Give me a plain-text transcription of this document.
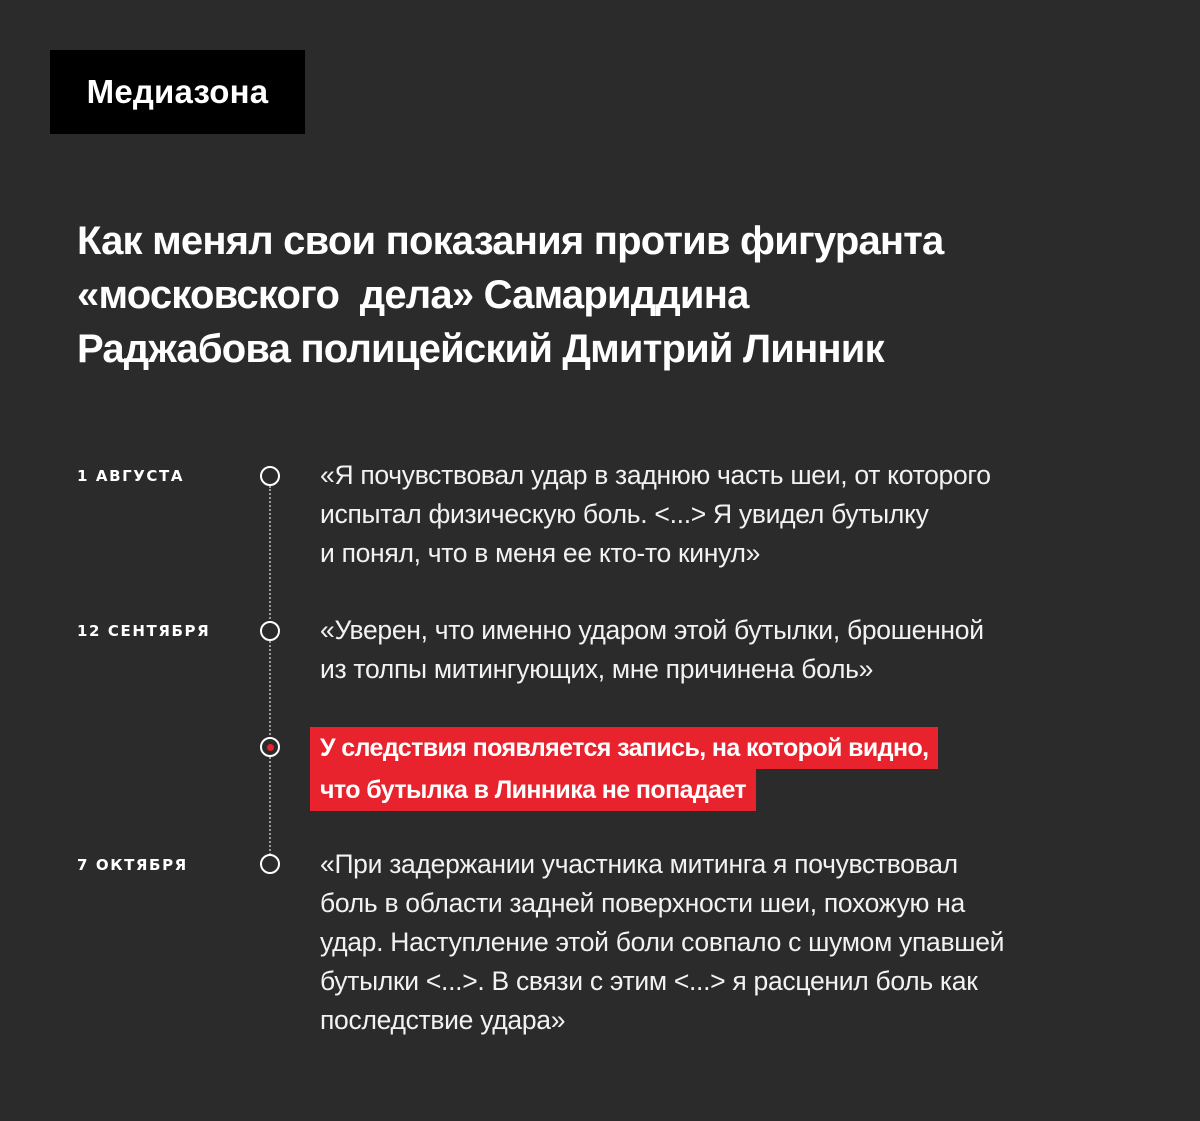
Медиазона
Как менял свои показания против фигуранта
«московского  дела» Самариддина
Раджабова полицейский Дмитрий Линник
1 АВГУСТА	«Я почувствовал удар в заднюю часть шеи, от которого
испытал физическую боль. <...> Я увидел бутылку
и понял, что в меня ее кто-то кинул»
12 СЕНТЯБРЯ	«Уверен, что именно ударом этой бутылки, брошенной
из толпы митингующих, мне причинена боль»
У следствия появляется запись, на которой видно,
что бутылка в Линника не попадает
7 ОКТЯБРЯ	«При задержании участника митинга я почувствовал
боль в области задней поверхности шеи, похожую на
удар. Наступление этой боли совпало с шумом упавшей
бутылки <...>. В связи с этим <...> я расценил боль как
последствие удара»
